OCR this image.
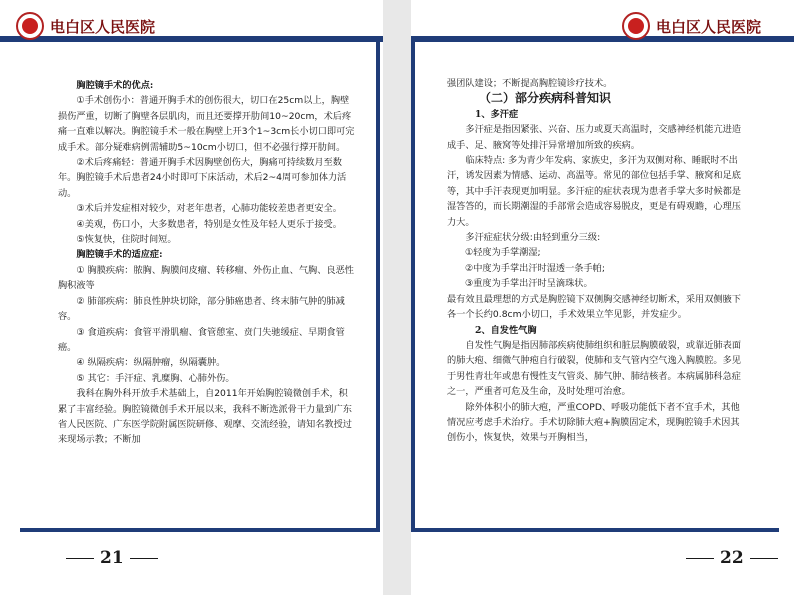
电白区人民医院	电白区人民医院

胸腔镜手术的优点:

①手术创伤小：普通开胸手术的创伤很大，切口在25cm以上，胸壁损伤严重，切断了胸壁各层肌肉，而且还要撑开肋间10~20cm，术后疼痛一直难以解决。胸腔镜手术一般在胸壁上开3个1~3cm长小切口即可完成手术。部分疑难病例需辅助5~10cm小切口，但不必强行撑开肋间。

②术后疼痛轻：普通开胸手术因胸壁创伤大，胸痛可持续数月至数年。胸腔镜手术后患者24小时即可下床活动，术后2~4周可参加体力活动。

③术后并发症相对较少，对老年患者，心肺功能较差患者更安全。

④美观，伤口小，大多数患者，特别是女性及年轻人更乐于接受。

⑤恢复快，住院时间短。

胸腔镜手术的适应症:

① 胸膜疾病：脓胸、胸膜间皮瘤、转移瘤、外伤止血、气胸、良恶性胸积液等

② 肺部疾病：肺良性肿块切除，部分肺癌患者、终末肺气肿的肺减容。

③ 食道疾病：食管平滑肌瘤、食管憩室、贲门失驰缓症、早期食管癌。

④ 纵隔疾病：纵隔肿瘤，纵隔囊肿。

⑤ 其它：手汗症、乳糜胸、心肺外伤。

我科在胸外科开放手术基础上，自2011年开始胸腔镜微创手术，积累了丰富经验。胸腔镜微创手术开展以来，我科不断选派骨干力量到广东省人民医院、广东医学院附属医院研修、观摩、交流经验，请知名教授过来现场示教；不断加

强团队建设；不断提高胸腔镜诊疗技术。

（二）部分疾病科普知识

1、多汗症

多汗症是指因紧张、兴奋、压力或夏天高温时，交感神经机能亢进造成手、足、腋窝等处排汗异常增加所致的疾病。

临床特点: 多为青少年发病、家族史，多汗为双侧对称、睡眠时不出汗，诱发因素为情感、运动、高温等。常见的部位包括手掌、腋窝和足底等，其中手汗表现更加明显。多汗症的症状表现为患者手掌大多时候都是湿答答的，而长期潮湿的手部常会造成容易脱皮，更是有碍观瞻，心理压力大。

多汗症症状分级:由轻到重分三级:

①轻度为手掌潮湿;

②中度为手掌出汗时湿透一条手帕;

③重度为手掌出汗时呈滴珠状。

最有效且最理想的方式是胸腔镜下双侧胸交感神经切断术，采用双侧腋下各一个长约0.8cm小切口，手术效果立竿见影，并发症少。

2、自发性气胸

自发性气胸是指因肺部疾病使肺组织和脏层胸膜破裂，或靠近肺表面的肺大疱、细微气肿疱自行破裂，使肺和支气管内空气逸入胸膜腔。多见于男性青壮年或患有慢性支气管炎、肺气肿、肺结核者。本病属肺科急症之一，严重者可危及生命，及时处理可治愈。

除外体积小的肺大疱，严重COPD、呼吸功能低下者不宜手术，其他情况应考虑手术治疗。手术切除肺大疱+胸膜固定术，现胸腔镜手术因其创伤小，恢复快，效果与开胸相当，

21	22
